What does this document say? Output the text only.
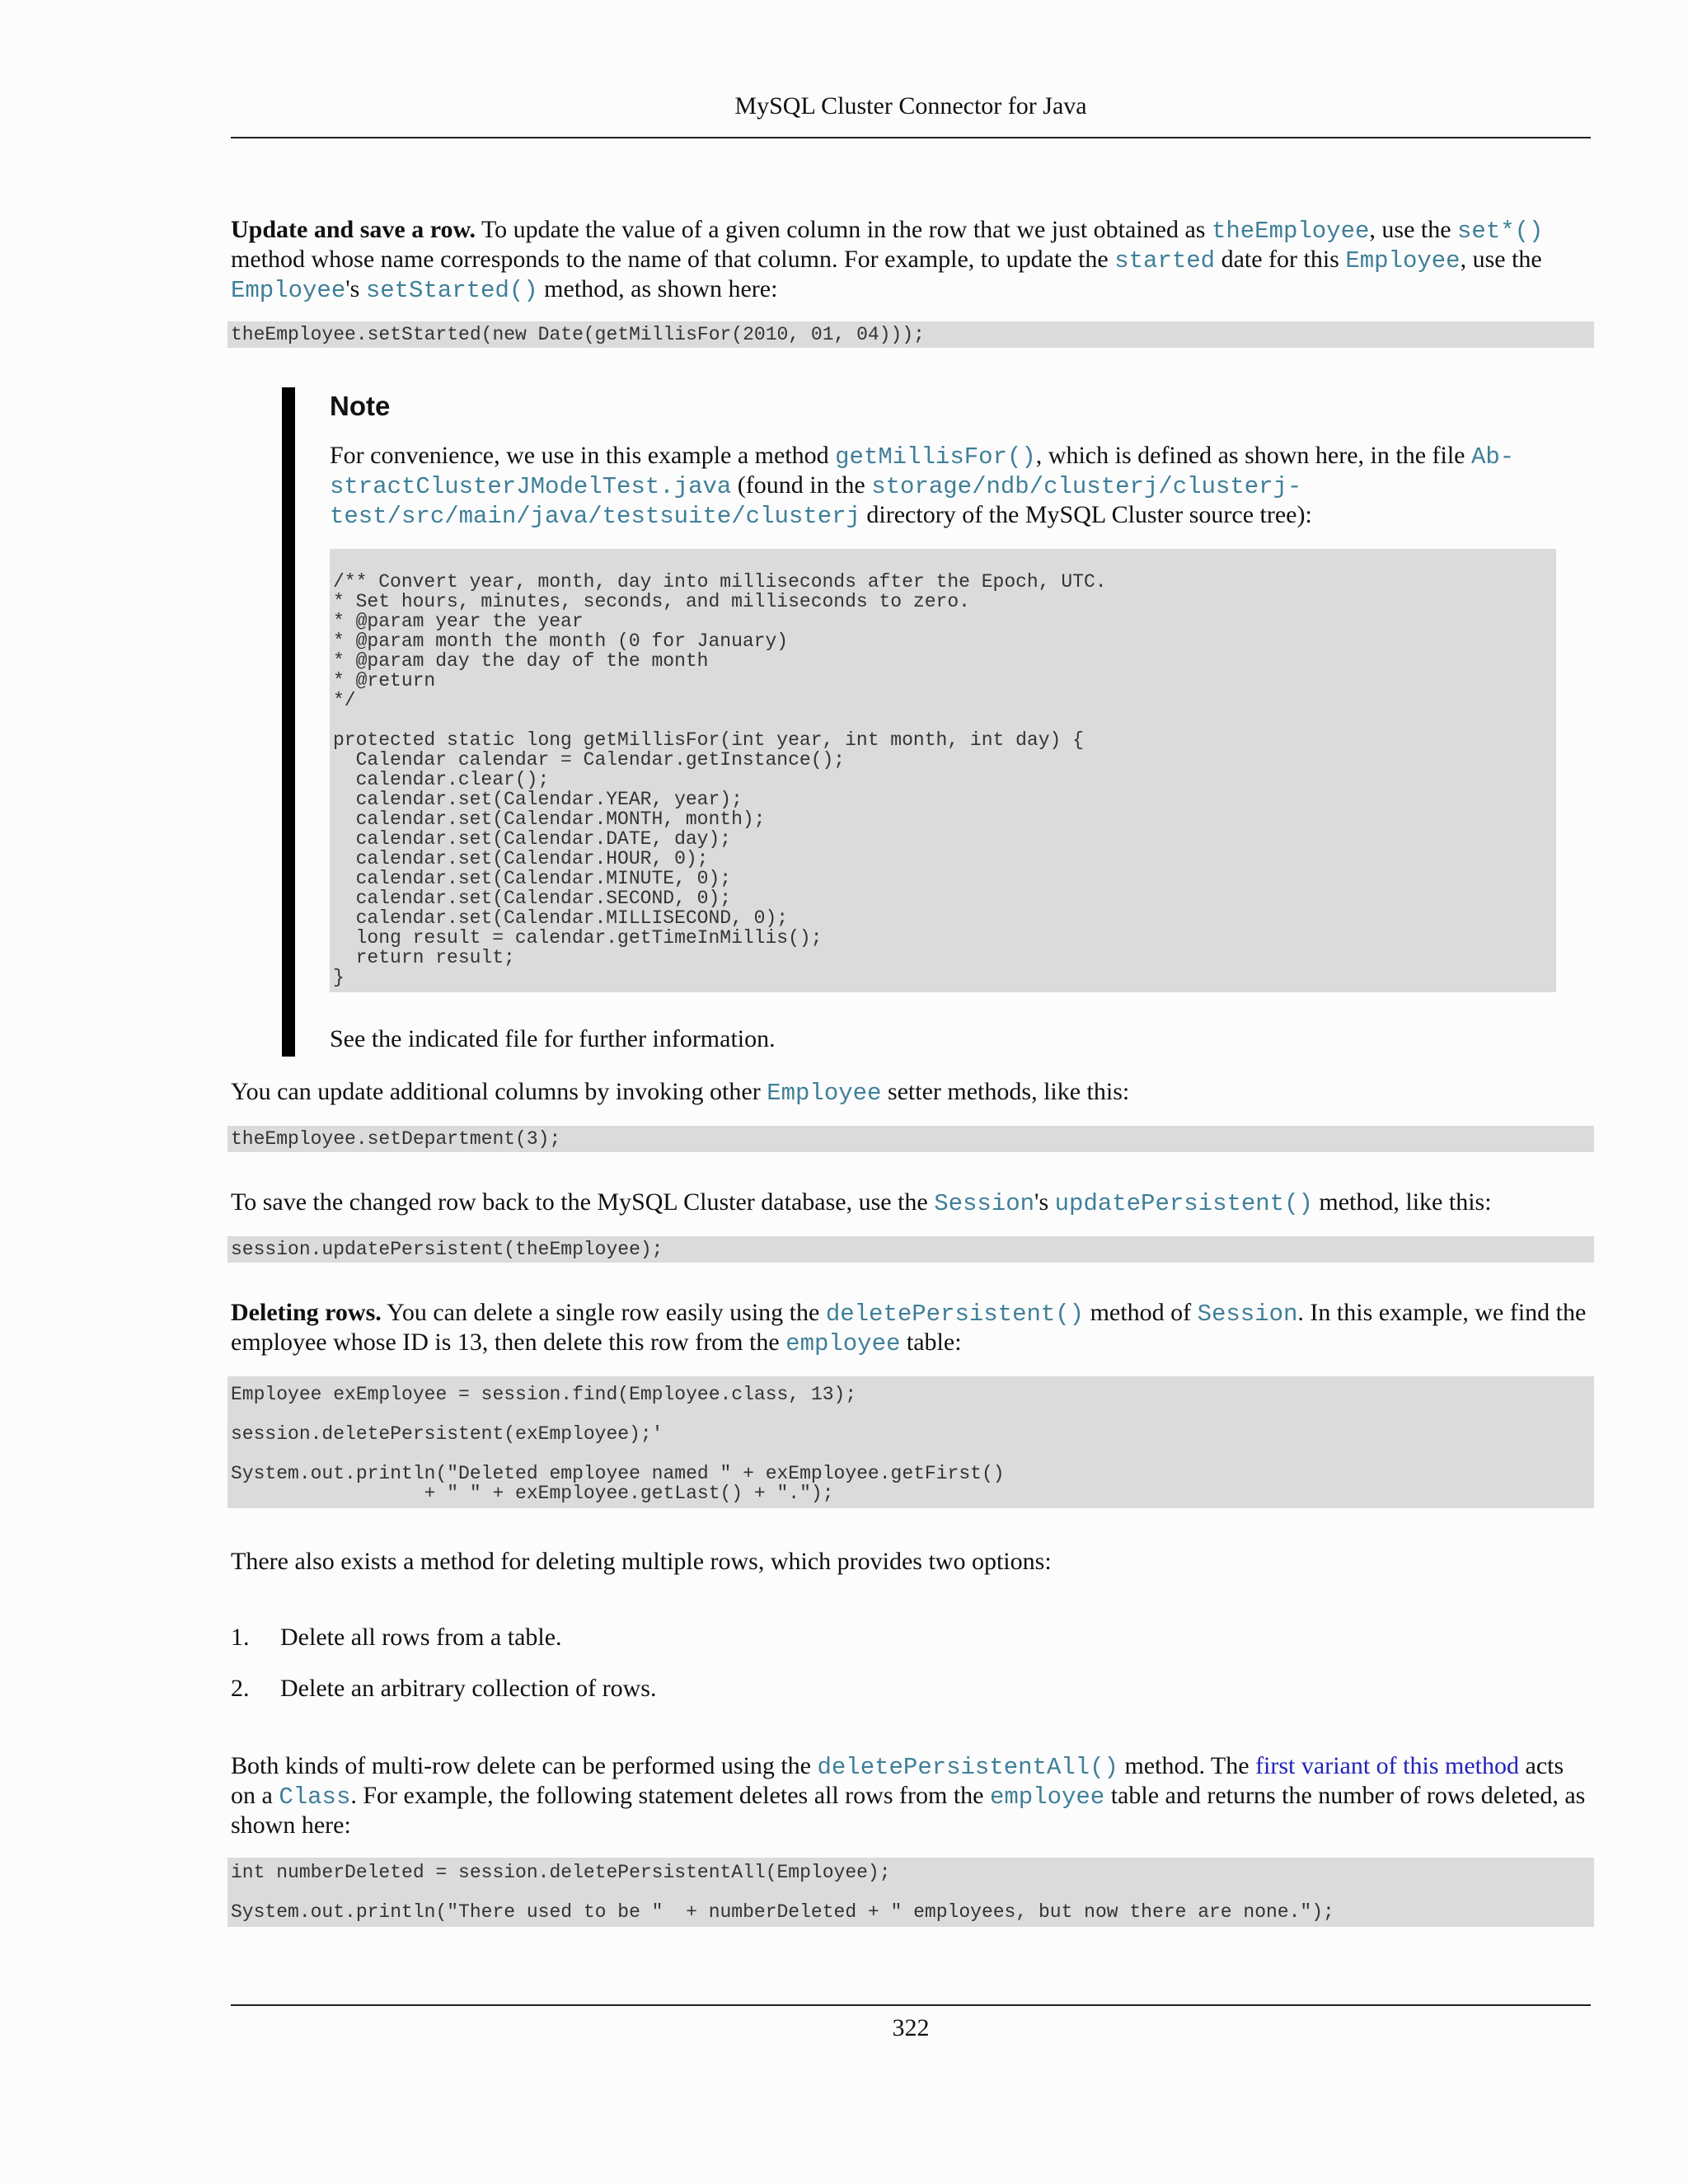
MySQL Cluster Connector for Java

Update and save a row. To update the value of a given column in the row that we just obtained as theEmployee, use the set*() method whose name corresponds to the name of that column. For example, to update the started date for this Employee, use the Employee's setStarted() method, as shown here:

theEmployee.setStarted(new Date(getMillisFor(2010, 01, 04)));
Note

For convenience, we use in this example a method getMillisFor(), which is defined as shown here, in the file Ab-stractClusterJModelTest.java (found in the storage/ndb/clusterj/clusterj-test/src/main/java/testsuite/clusterj directory of the MySQL Cluster source tree):

/** Convert year, month, day into milliseconds after the Epoch, UTC.
* Set hours, minutes, seconds, and milliseconds to zero.
* @param year the year
* @param month the month (0 for January)
* @param day the day of the month
* @return
*/

protected static long getMillisFor(int year, int month, int day) {
Calendar calendar = Calendar.getInstance();
calendar.clear();
calendar.set(Calendar.YEAR, year);
calendar.set(Calendar.MONTH, month);
calendar.set(Calendar.DATE, day);
calendar.set(Calendar.HOUR, 0);
calendar.set(Calendar.MINUTE, 0);
calendar.set(Calendar.SECOND, 0);
calendar.set(Calendar.MILLISECOND, 0);
long result = calendar.getTimeInMillis();
return result;
}

See the indicated file for further information.

You can update additional columns by invoking other Employee setter methods, like this:

theEmployee.setDepartment(3);

To save the changed row back to the MySQL Cluster database, use the Session's updatePersistent() method, like this:

session.updatePersistent(theEmployee);

Deleting rows. You can delete a single row easily using the deletePersistent() method of Session. In this example, we find the employee whose ID is 13, then delete this row from the employee table:

Employee exEmployee = session.find(Employee.class, 13);

session.deletePersistent(exEmployee);'

System.out.println("Deleted employee named " + exEmployee.getFirst()
+ " " + exEmployee.getLast() + ".");

There also exists a method for deleting multiple rows, which provides two options:

1. Delete all rows from a table.
2. Delete an arbitrary collection of rows.

Both kinds of multi-row delete can be performed using the deletePersistentAll() method. The first variant of this method acts on a Class. For example, the following statement deletes all rows from the employee table and returns the number of rows deleted, as shown here:

int numberDeleted = session.deletePersistentAll(Employee);

System.out.println("There used to be "  + numberDeleted + " employees, but now there are none.");
322
